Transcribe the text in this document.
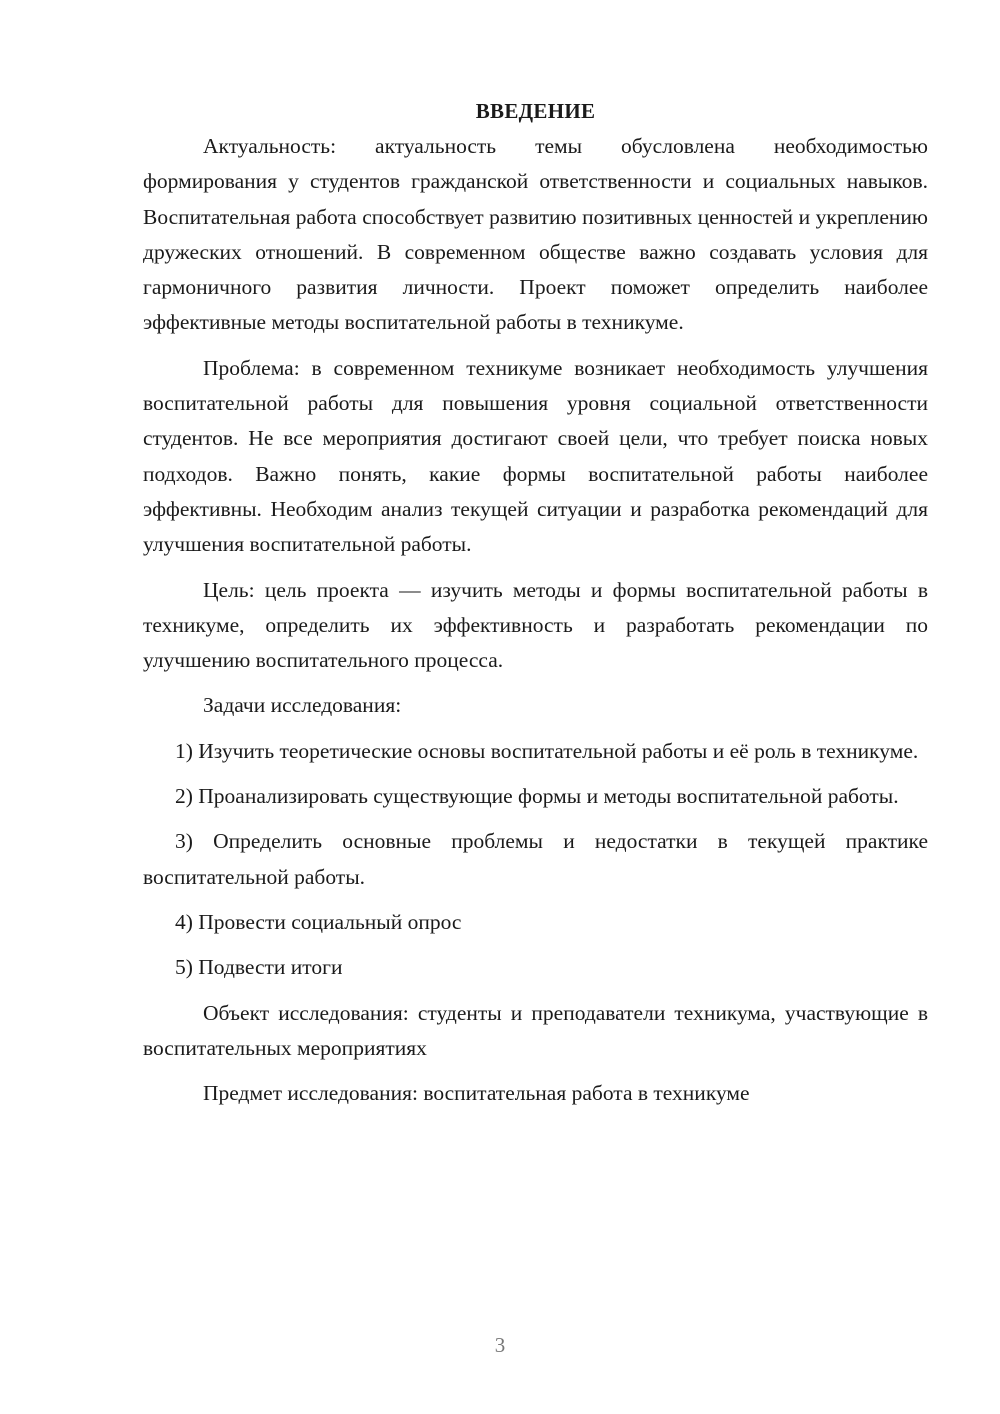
ВВЕДЕНИЕ

Актуальность: актуальность темы обусловлена необходимостью формирования у студентов гражданской ответственности и социальных навыков. Воспитательная работа способствует развитию позитивных ценностей и укреплению дружеских отношений. В современном обществе важно создавать условия для гармоничного развития личности. Проект поможет определить наиболее эффективные методы воспитательной работы в техникуме.

Проблема: в современном техникуме возникает необходимость улучшения воспитательной работы для повышения уровня социальной ответственности студентов. Не все мероприятия достигают своей цели, что требует поиска новых подходов. Важно понять, какие формы воспитательной работы наиболее эффективны. Необходим анализ текущей ситуации и разработка рекомендаций для улучшения воспитательной работы.

Цель: цель проекта — изучить методы и формы воспитательной работы в техникуме, определить их эффективность и разработать рекомендации по улучшению воспитательного процесса.

Задачи исследования:

1) Изучить теоретические основы воспитательной работы и её роль в техникуме.

2) Проанализировать существующие формы и методы воспитательной работы.

3) Определить основные проблемы и недостатки в текущей практике воспитательной работы.

4) Провести социальный опрос

5) Подвести итоги

Объект исследования: студенты и преподаватели техникума, участвующие в воспитательных мероприятиях

Предмет исследования: воспитательная работа в техникуме

3
